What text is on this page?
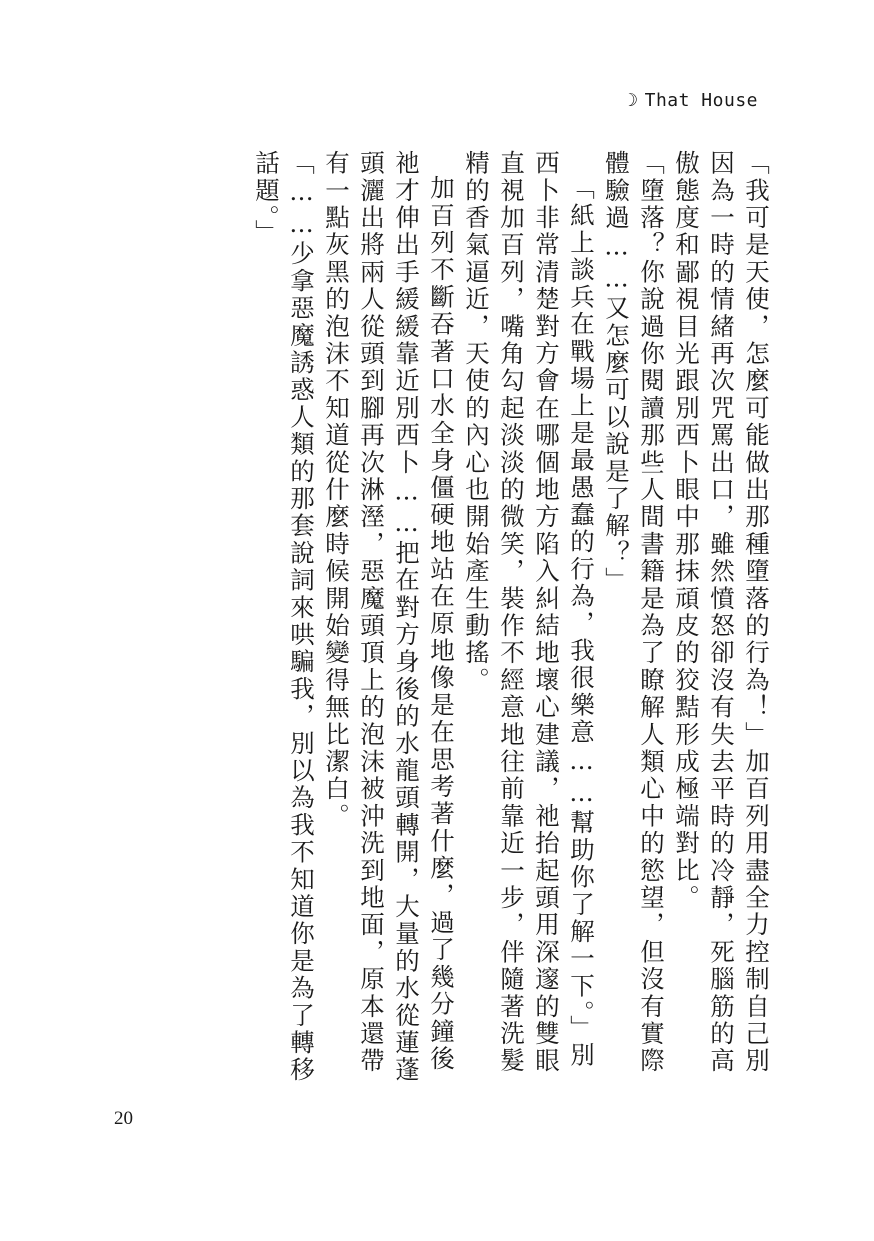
☽ That House

「我可是天使，怎麼可能做出那種墮落的行為！」加百列用盡全力控制自己別因為一時的情緒再次咒罵出口，雖然憤怒卻沒有失去平時的冷靜，死腦筋的高傲態度和鄙視目光跟別西卜眼中那抹頑皮的狡黠形成極端對比。

「墮落？你說過你閱讀那些人間書籍是為了瞭解人類心中的慾望，但沒有實際體驗過……又怎麼可以說是了解？」

「紙上談兵在戰場上是最愚蠢的行為，我很樂意……幫助你了解一下。」別西卜非常清楚對方會在哪個地方陷入糾結地壞心建議，祂抬起頭用深邃的雙眼直視加百列，嘴角勾起淡淡的微笑，裝作不經意地往前靠近一步，伴隨著洗髮精的香氣逼近，天使的內心也開始產生動搖。

加百列不斷吞著口水全身僵硬地站在原地像是在思考著什麼，過了幾分鐘後祂才伸出手緩緩靠近別西卜……把在對方身後的水龍頭轉開，大量的水從蓮蓬頭灑出將兩人從頭到腳再次淋溼，惡魔頭頂上的泡沫被沖洗到地面，原本還帶有一點灰黑的泡沫不知道從什麼時候開始變得無比潔白。

「……少拿惡魔誘惑人類的那套說詞來哄騙我，別以為我不知道你是為了轉移話題。」

20
